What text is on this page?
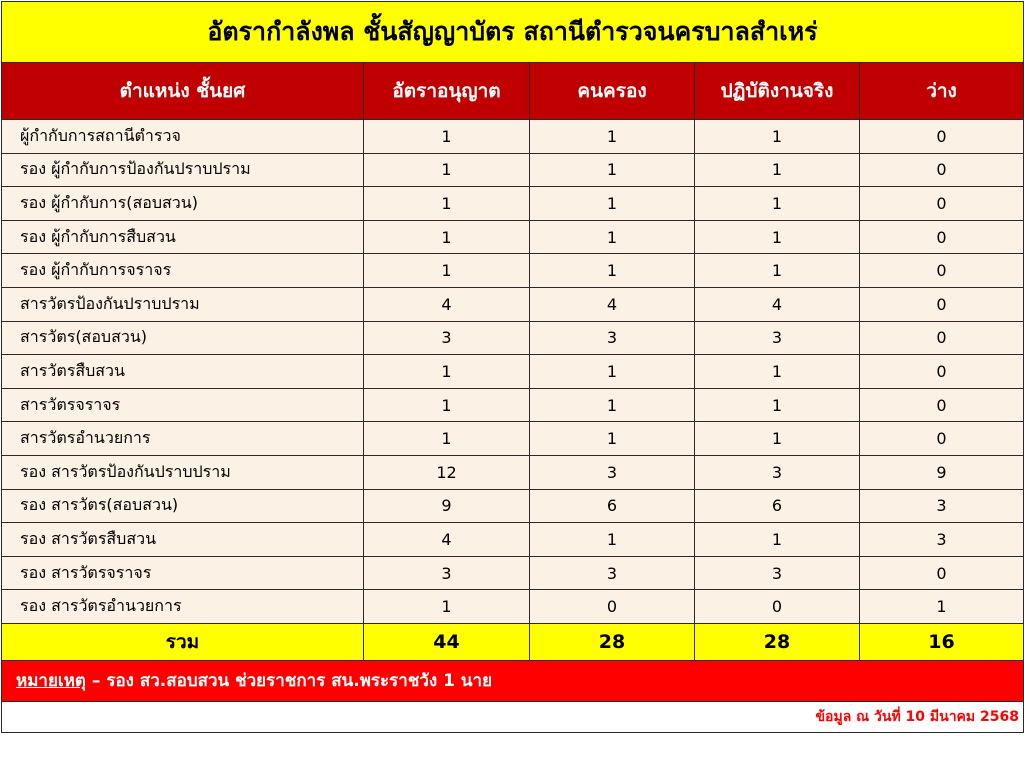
อัตรากำลังพล ชั้นสัญญาบัตร สถานีตำรวจนครบาลสำเหร่				
ตำแหน่ง ชั้นยศ	อัตราอนุญาต	คนครอง	ปฏิบัติงานจริง	ว่าง
ผู้กำกับการสถานีตำรวจ	1	1	1	0
รอง ผู้กำกับการป้องกันปราบปราม	1	1	1	0
รอง ผู้กำกับการ(สอบสวน)	1	1	1	0
รอง ผู้กำกับการสืบสวน	1	1	1	0
รอง ผู้กำกับการจราจร	1	1	1	0
สารวัตรป้องกันปราบปราม	4	4	4	0
สารวัตร(สอบสวน)	3	3	3	0
สารวัตรสืบสวน	1	1	1	0
สารวัตรจราจร	1	1	1	0
สารวัตรอำนวยการ	1	1	1	0
รอง สารวัตรป้องกันปราบปราม	12	3	3	9
รอง สารวัตร(สอบสวน)	9	6	6	3
รอง สารวัตรสืบสวน	4	1	1	3
รอง สารวัตรจราจร	3	3	3	0
รอง สารวัตรอำนวยการ	1	0	0	1
รวม	44	28	28	16
หมายเหตุ – รอง สว.สอบสวน ช่วยราชการ สน.พระราชวัง 1 นาย				
ข้อมูล ณ วันที่ 10 มีนาคม 2568				
